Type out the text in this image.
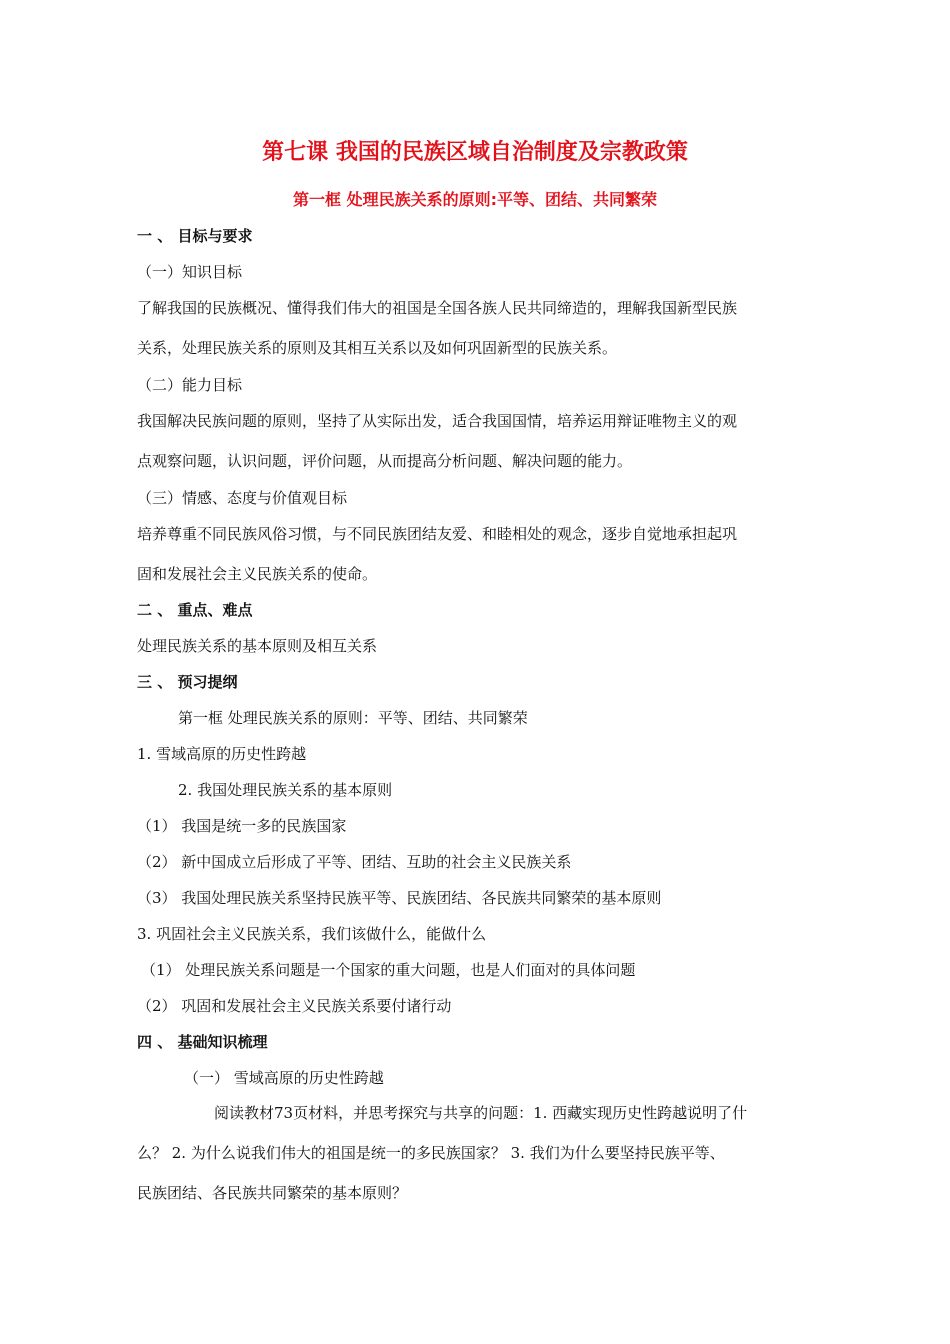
第七课 我国的民族区域自治制度及宗教政策
第一框 处理民族关系的原则:平等、团结、共同繁荣
一 、 目标与要求
（一）知识目标
了解我国的民族概况、懂得我们伟大的祖国是全国各族人民共同缔造的，理解我国新型民族
关系，处理民族关系的原则及其相互关系以及如何巩固新型的民族关系。
（二）能力目标
我国解决民族问题的原则，坚持了从实际出发，适合我国国情，培养运用辩证唯物主义的观
点观察问题，认识问题，评价问题，从而提高分析问题、解决问题的能力。
（三）情感、态度与价值观目标
培养尊重不同民族风俗习惯，与不同民族团结友爱、和睦相处的观念，逐步自觉地承担起巩
固和发展社会主义民族关系的使命。
二 、 重点、难点
处理民族关系的基本原则及相互关系
三 、 预习提纲
第一框 处理民族关系的原则：平等、团结、共同繁荣
1. 雪域高原的历史性跨越
2. 我国处理民族关系的基本原则
（1） 我国是统一多的民族国家
（2） 新中国成立后形成了平等、团结、互助的社会主义民族关系
（3） 我国处理民族关系坚持民族平等、民族团结、各民族共同繁荣的基本原则
3. 巩固社会主义民族关系，我们该做什么，能做什么
（1） 处理民族关系问题是一个国家的重大问题，也是人们面对的具体问题
（2） 巩固和发展社会主义民族关系要付诸行动
四 、 基础知识梳理
（一） 雪域高原的历史性跨越
阅读教材73页材料，并思考探究与共享的问题：1. 西藏实现历史性跨越说明了什
么？ 2. 为什么说我们伟大的祖国是统一的多民族国家？ 3. 我们为什么要坚持民族平等、
民族团结、各民族共同繁荣的基本原则？
